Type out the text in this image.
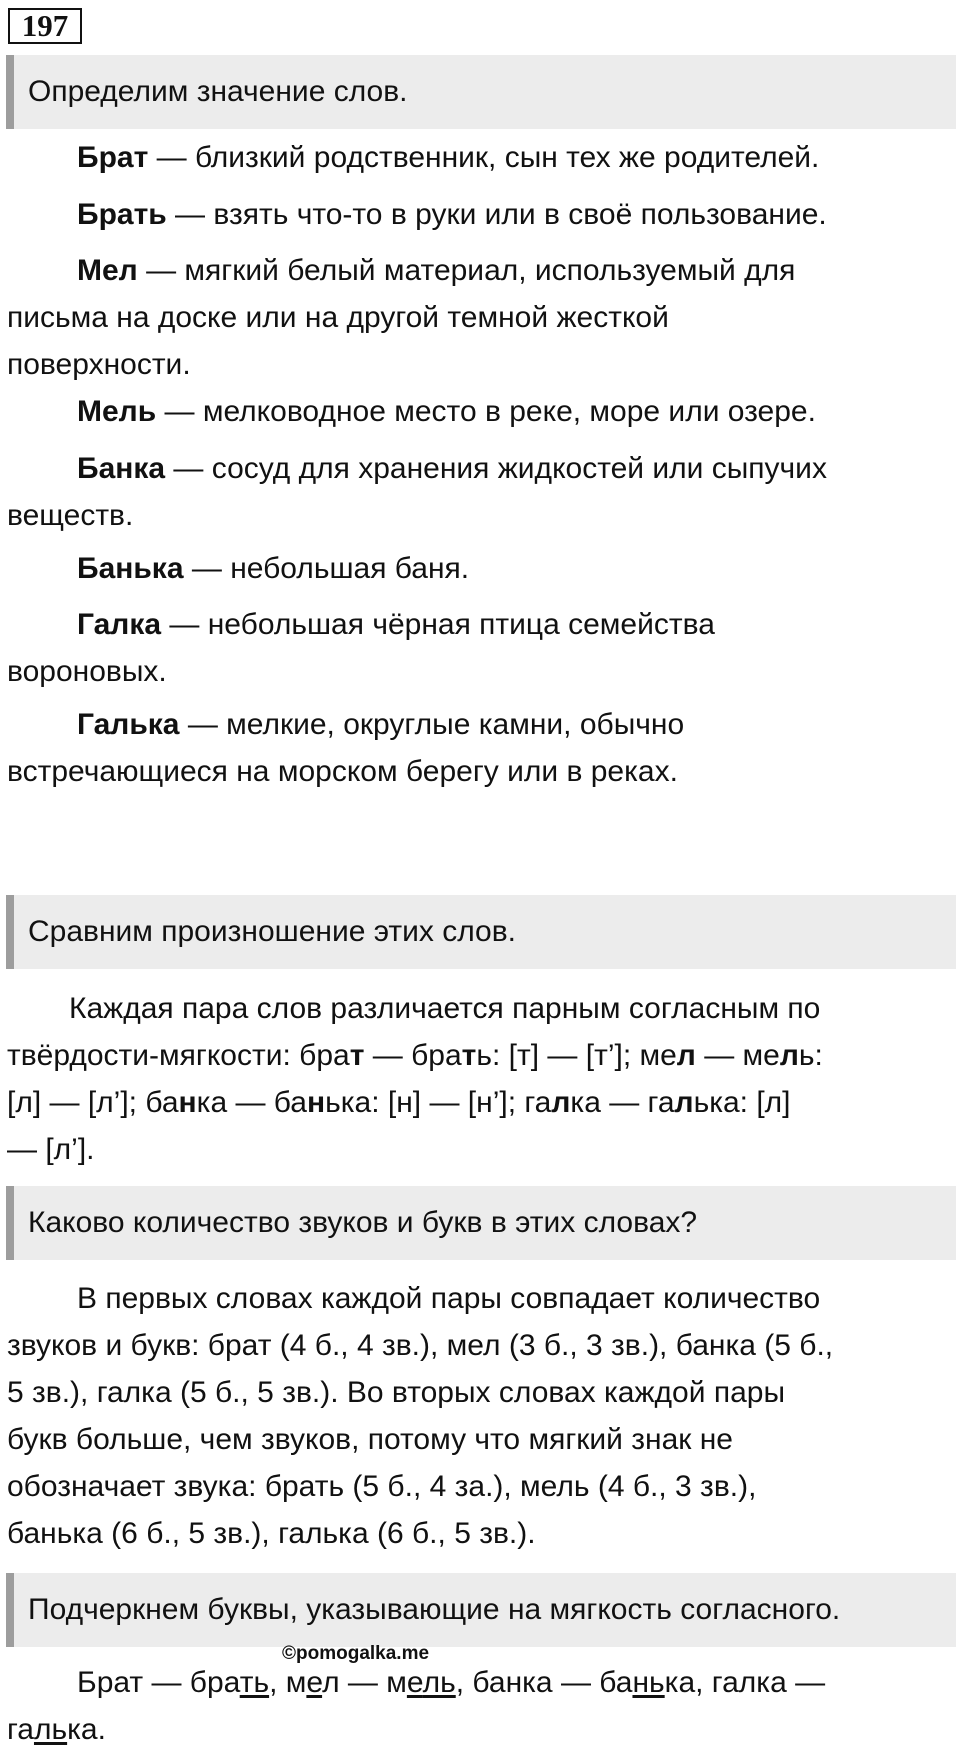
197
Определим значение слов.
Брат — близкий родственник, сын тех же родителей.
Брать — взять что-то в руки или в своё пользование.
Мел — мягкий белый материал, используемый для
письма на доске или на другой темной жесткой
поверхности.
Мель — мелководное место в реке, море или озере.
Банка — сосуд для хранения жидкостей или сыпучих
веществ.
Банька — небольшая баня.
Галка — небольшая чёрная птица семейства
вороновых.
Галька — мелкие, округлые камни, обычно
встречающиеся на морском берегу или в реках.
Сравним произношение этих слов.
Каждая пара слов различается парным согласным по
твёрдости-мягкости: брат — брать: [т] — [т’]; мел — мель:
[л] — [л’]; банка — банька: [н] — [н’]; галка — галька: [л]
— [л’].
Каково количество звуков и букв в этих словах?
В первых словах каждой пары совпадает количество
звуков и букв: брат (4 б., 4 зв.), мел (3 б., 3 зв.), банка (5 б.,
5 зв.), галка (5 б., 5 зв.). Во вторых словах каждой пары
букв больше, чем звуков, потому что мягкий знак не
обозначает звука: брать (5 б., 4 за.), мель (4 б., 3 зв.),
банька (6 б., 5 зв.), галька (6 б., 5 зв.).
Подчеркнем буквы, указывающие на мягкость согласного.
©pomogalka.me
Брат — брать, мел — мель, банка — банька, галка —
галька.
